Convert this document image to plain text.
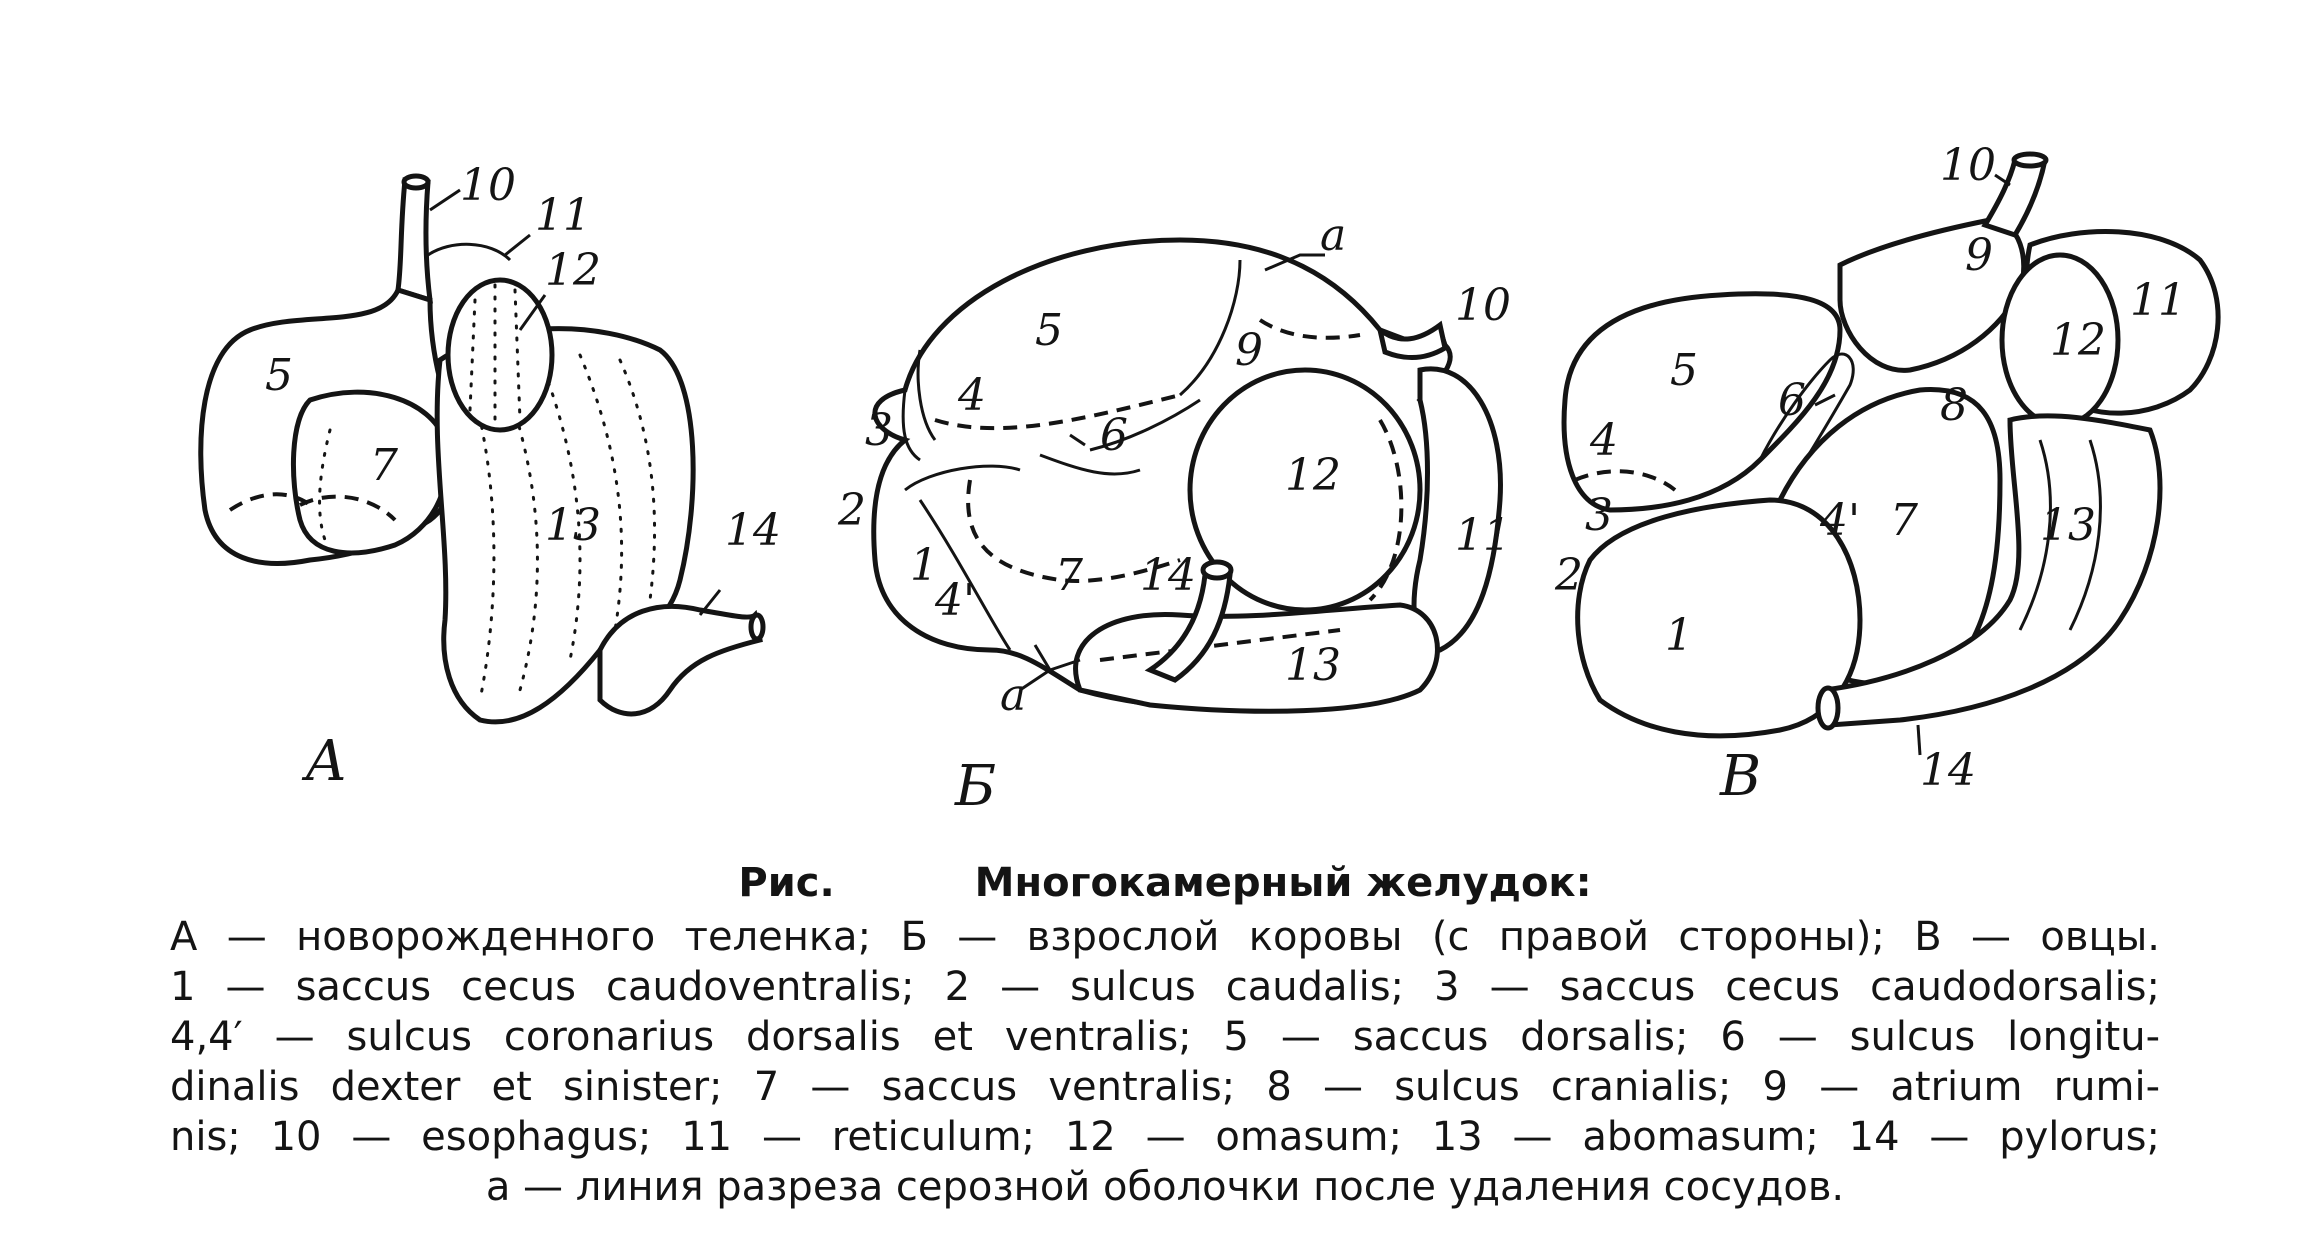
10
11
12
5
7
13	14
А
a
5
4
3
2
6
9
10
12
11
1
4' 7 14
13
a
Б
10
9
11
5
6
12
8
4
3
2
4' 7	13
1
14
В
Рис.	Многокамерный желудок:
А — новорожденного теленка; Б — взрослой коровы (с правой стороны); В — овцы.
1 — saccus cecus caudoventralis; 2 — sulcus caudalis; 3 — saccus cecus caudodorsalis;
4,4′ — sulcus coronarius dorsalis et ventralis; 5 — saccus dorsalis; 6 — sulcus longitu-
dinalis dexter et sinister; 7 — saccus ventralis; 8 — sulcus cranialis; 9 — atrium rumi-
nis; 10 — esophagus; 11 — reticulum; 12 — omasum; 13 — abomasum; 14 — pylorus;
a — линия разреза серозной оболочки после удаления сосудов.
